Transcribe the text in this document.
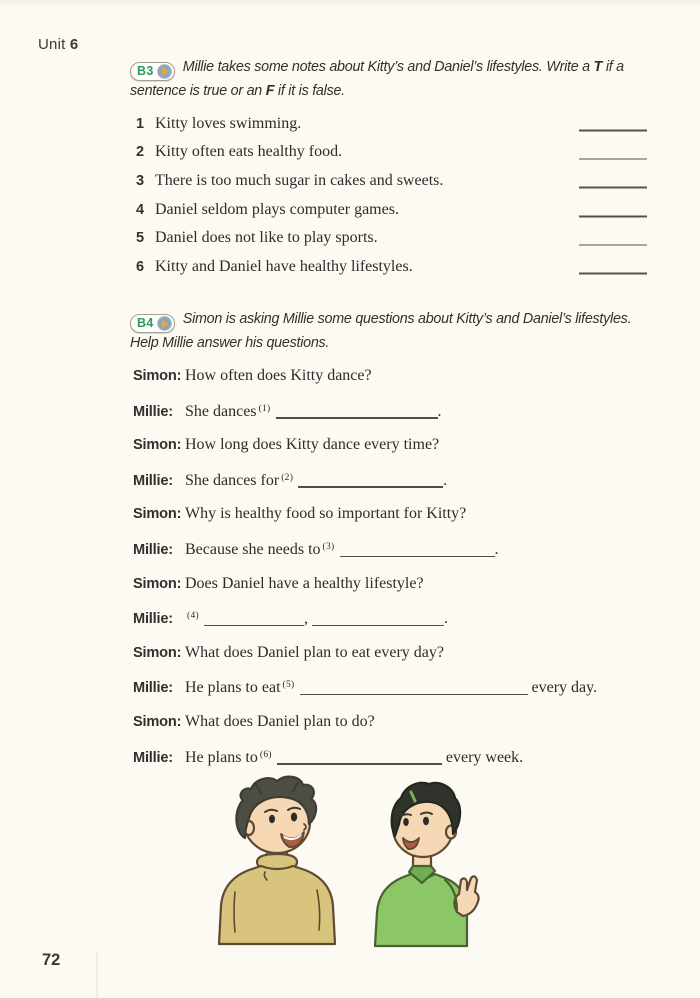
Unit 6

B3 Millie takes some notes about Kitty’s and Daniel’s lifestyles. Write a T if a sentence is true or an F if it is false.

1 Kitty loves swimming.
2 Kitty often eats healthy food.
3 There is too much sugar in cakes and sweets.
4 Daniel seldom plays computer games.
5 Daniel does not like to play sports.
6 Kitty and Daniel have healthy lifestyles.

B4 Simon is asking Millie some questions about Kitty’s and Daniel’s lifestyles. Help Millie answer his questions.

Simon: How often does Kitty dance?
Millie: She dances $^{(1)}$	.
Simon: How long does Kitty dance every time?
Millie: She dances for $^{(2)}$	.
Simon: Why is healthy food so important for Kitty?
Millie: Because she needs to $^{(3)}$	.
Simon: Does Daniel have a healthy lifestyle?
Millie:	$^{(4)}$	,	.
Simon: What does Daniel plan to eat every day?
Millie: He plans to eat $^{(5)}$	every day.
Simon: What does Daniel plan to do?
Millie: He plans to $^{(6)}$	every week.
72
